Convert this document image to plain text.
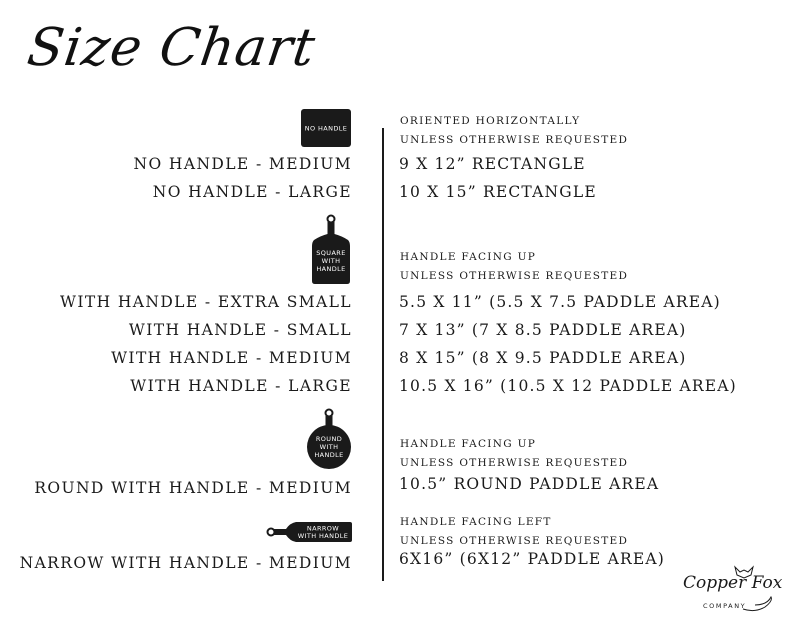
Size Chart
NO HANDLE
ORIENTED HORIZONTALLY
UNLESS OTHERWISE REQUESTED
NO HANDLE - MEDIUM	9 X 12” RECTANGLE
NO HANDLE - LARGE	10 X 15” RECTANGLE
SQUARE
WITH
HANDLE
HANDLE FACING UP
UNLESS OTHERWISE REQUESTED
WITH HANDLE - EXTRA SMALL	5.5 X 11” (5.5 X 7.5 PADDLE AREA)
WITH HANDLE - SMALL	7 X 13” (7 X 8.5 PADDLE AREA)
WITH HANDLE - MEDIUM	8 X 15” (8 X 9.5 PADDLE AREA)
WITH HANDLE - LARGE	10.5 X 16” (10.5 X 12 PADDLE AREA)
ROUND
WITH
HANDLE
HANDLE FACING UP
UNLESS OTHERWISE REQUESTED
ROUND WITH HANDLE - MEDIUM	10.5” ROUND PADDLE AREA
NARROW
WITH HANDLE
HANDLE FACING LEFT
UNLESS OTHERWISE REQUESTED
NARROW WITH HANDLE - MEDIUM	6X16” (6X12” PADDLE AREA)
Copper Fox
COMPANY
